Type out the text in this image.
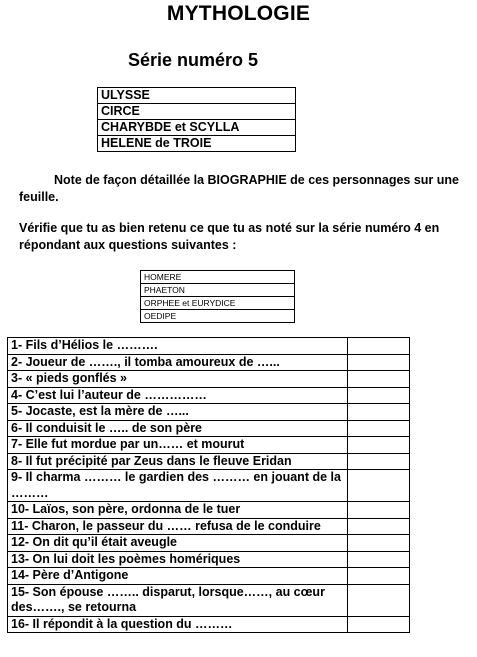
MYTHOLOGIE
Série numéro 5
ULYSSE
CIRCE
CHARYBDE et SCYLLA
HELENE de TROIE

Note de façon détaillée la BIOGRAPHIE de ces personnages sur une feuille.

Vérifie que tu as bien retenu ce que tu as noté sur la série numéro 4 en répondant aux questions suivantes :

HOMERE
PHAETON
ORPHEE et EURYDICE
OEDIPE
1- Fils d’Hélios le ……….	
2- Joueur de ……., il tomba amoureux de …...	
3- « pieds gonflés »	
4- C’est lui l’auteur de ……………	
5- Jocaste, est la mère de …...	
6- Il conduisit le ….. de son père	
7- Elle fut mordue par un…… et mourut	
8- Il fut précipité par Zeus dans le fleuve Eridan	
9- Il charma ……… le gardien des ……… en jouant de la ………	
10- Laïos, son père, ordonna de le tuer	
11- Charon, le passeur du …… refusa de le conduire	
12- On dit qu’il était aveugle	
13- On lui doit les poèmes homériques	
14- Père d’Antigone	
15- Son épouse …….. disparut, lorsque……, au cœur des……., se retourna	
16- Il répondit à la question du ………	
